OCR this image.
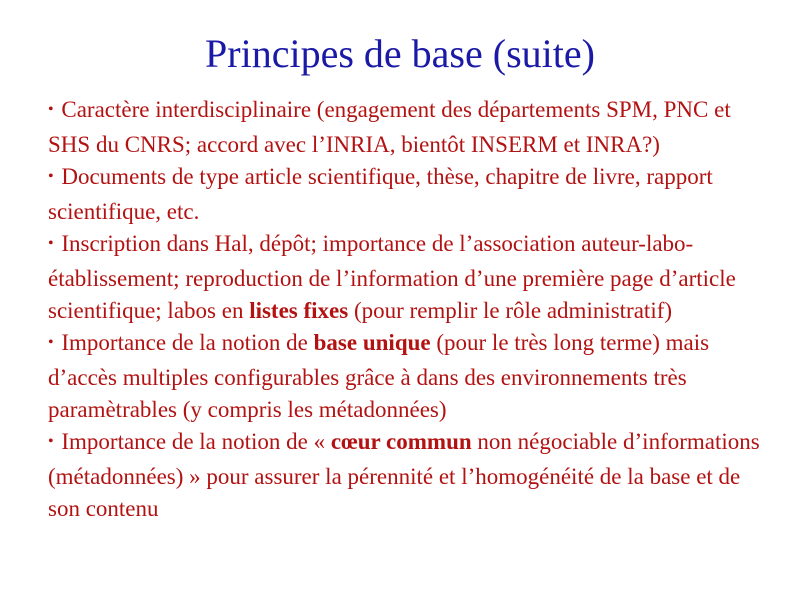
Principes de base (suite)
• Caractère interdisciplinaire (engagement des départements SPM, PNC et SHS du CNRS; accord avec l’INRIA, bientôt INSERM et INRA?)
• Documents de type article scientifique, thèse, chapitre de livre, rapport scientifique, etc.
• Inscription dans Hal, dépôt; importance de l’association auteur-labo-établissement; reproduction de l’information d’une première page d’article scientifique; labos en listes fixes (pour remplir le rôle administratif)
• Importance de la notion de base unique (pour le très long terme) mais d’accès multiples configurables grâce à dans des environnements très paramètrables (y compris les métadonnées)
• Importance de la notion de « cœur commun non négociable d’informations (métadonnées) » pour assurer la pérennité et l’homogénéité de la base et de son contenu
